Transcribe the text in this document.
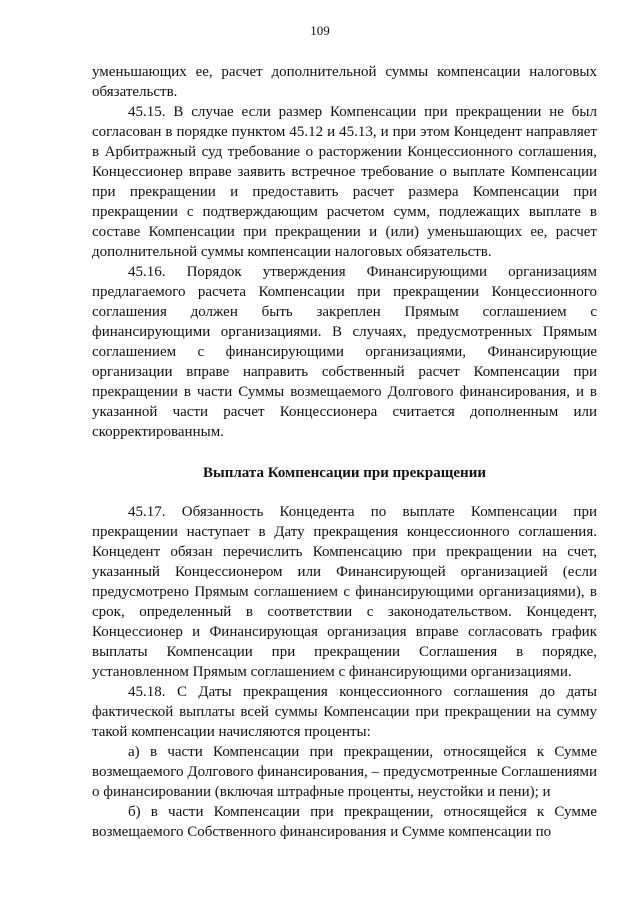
109

уменьшающих ее, расчет дополнительной суммы компенсации налоговых обязательств.

45.15. В случае если размер Компенсации при прекращении не был согласован в порядке пунктом 45.12 и 45.13, и при этом Концедент направляет в Арбитражный суд требование о расторжении Концессионного соглашения, Концессионер вправе заявить встречное требование о выплате Компенсации при прекращении и предоставить расчет размера Компенсации при прекращении с подтверждающим расчетом сумм, подлежащих выплате в составе Компенсации при прекращении и (или) уменьшающих ее, расчет дополнительной суммы компенсации налоговых обязательств.

45.16. Порядок утверждения Финансирующими организациям предлагаемого расчета Компенсации при прекращении Концессионного соглашения должен быть закреплен Прямым соглашением с финансирующими организациями. В случаях, предусмотренных Прямым соглашением с финансирующими организациями, Финансирующие организации вправе направить собственный расчет Компенсации при прекращении в части Суммы возмещаемого Долгового финансирования, и в указанной части расчет Концессионера считается дополненным или скорректированным.

Выплата Компенсации при прекращении

45.17. Обязанность Концедента по выплате Компенсации при прекращении наступает в Дату прекращения концессионного соглашения. Концедент обязан перечислить Компенсацию при прекращении на счет, указанный Концессионером или Финансирующей организацией (если предусмотрено Прямым соглашением с финансирующими организациями), в срок, определенный в соответствии с законодательством. Концедент, Концессионер и Финансирующая организация вправе согласовать график выплаты Компенсации при прекращении Соглашения в порядке, установленном Прямым соглашением с финансирующими организациями.

45.18. С Даты прекращения концессионного соглашения до даты фактической выплаты всей суммы Компенсации при прекращении на сумму такой компенсации начисляются проценты:

а) в части Компенсации при прекращении, относящейся к Сумме возмещаемого Долгового финансирования, – предусмотренные Соглашениями о финансировании (включая штрафные проценты, неустойки и пени); и

б) в части Компенсации при прекращении, относящейся к Сумме возмещаемого Собственного финансирования и Сумме компенсации по
